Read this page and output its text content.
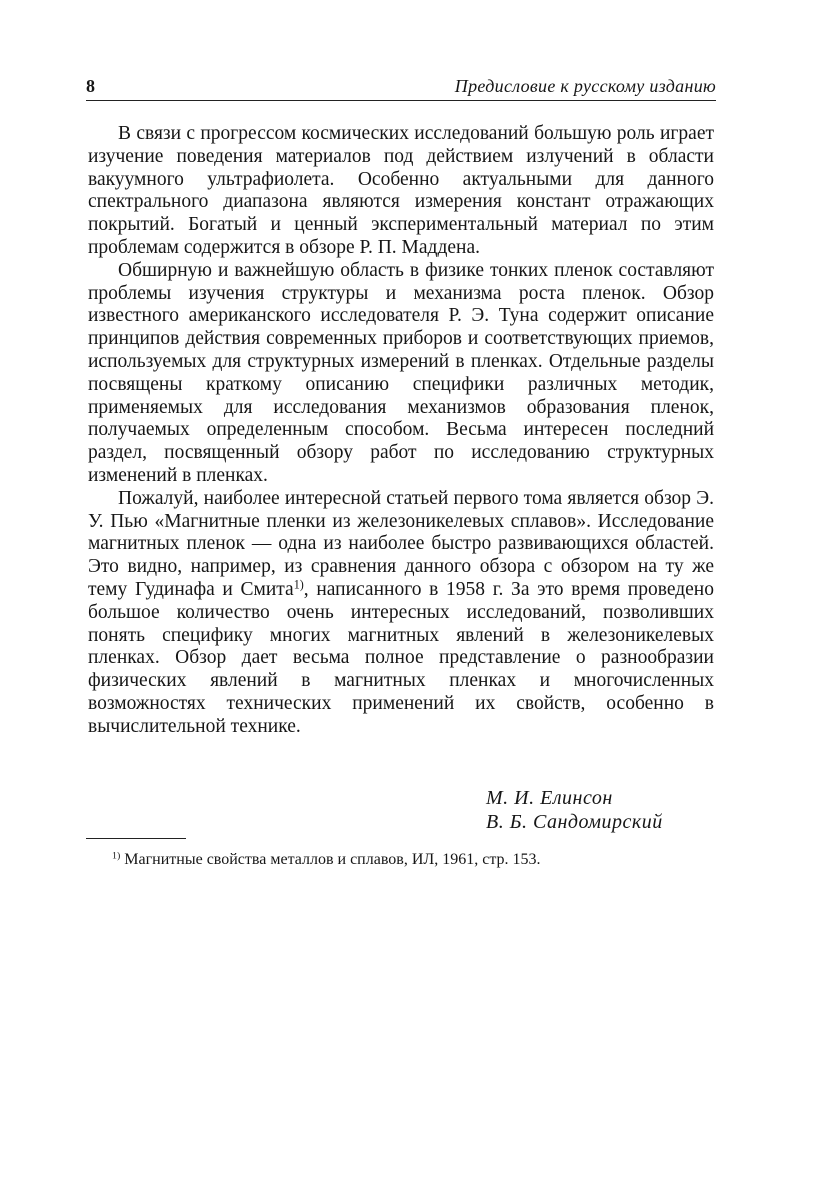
8	Предисловие к русскому изданию

В связи с прогрессом космических исследований большую роль играет изучение поведения материалов под действием излучений в области вакуумного ультрафиолета. Особенно актуальными для данного спектрального диапазона являются измерения констант отражающих покрытий. Богатый и ценный экспериментальный материал по этим проблемам содержится в обзоре Р. П. Маддена.

Обширную и важнейшую область в физике тонких пленок составляют проблемы изучения структуры и механизма роста пленок. Обзор известного американского исследователя Р. Э. Туна содержит описание принципов действия современных приборов и соответствующих приемов, используемых для структурных измерений в пленках. Отдельные разделы посвящены краткому описанию специфики различных методик, применяемых для исследования механизмов образования пленок, получаемых определенным способом. Весьма интересен последний раздел, посвященный обзору работ по исследованию структурных изменений в пленках.

Пожалуй, наиболее интересной статьей первого тома является обзор Э. У. Пью «Магнитные пленки из железоникелевых сплавов». Исследование магнитных пленок — одна из наиболее быстро развивающихся областей. Это видно, например, из сравнения данного обзора с обзором на ту же тему Гудинафа и Смита$^{1)}$, написанного в 1958 г. За это время проведено большое количество очень интересных исследований, позволивших понять специфику многих магнитных явлений в железоникелевых пленках. Обзор дает весьма полное представление о разнообразии физических явлений в магнитных пленках и многочисленных возможностях технических применений их свойств, особенно в вычислительной технике.

М. И. Елинсон
В. Б. Сандомирский
$^{1)}$ Магнитные свойства металлов и сплавов, ИЛ, 1961, стр. 153.
